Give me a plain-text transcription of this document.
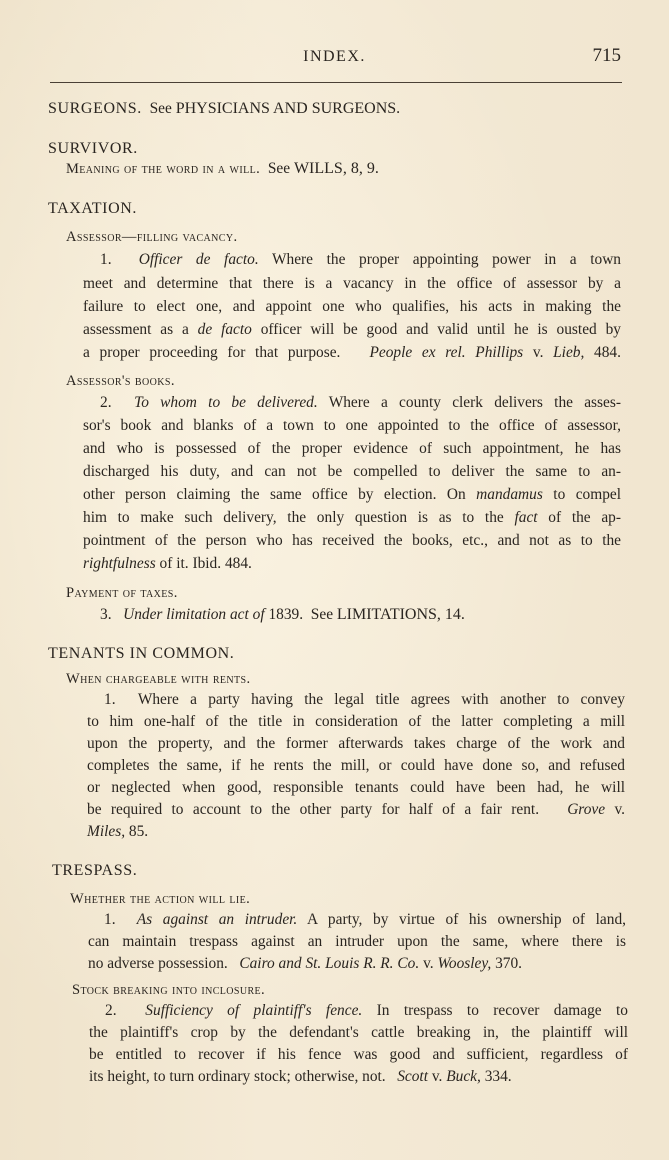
INDEX.	715
SURGEONS. See PHYSICIANS AND SURGEONS.
SURVIVOR.
Meaning of the word in a will. See WILLS, 8, 9.
TAXATION.
Assessor—filling vacancy.
1. Officer de facto. Where the proper appointing power in a town
meet and determine that there is a vacancy in the office of assessor by a
failure to elect one, and appoint one who qualifies, his acts in making the
assessment as a de facto officer will be good and valid until he is ousted by
a proper proceeding for that purpose. People ex rel. Phillips v. Lieb, 484.
Assessor's books.
2. To whom to be delivered. Where a county clerk delivers the asses-
sor's book and blanks of a town to one appointed to the office of assessor,
and who is possessed of the proper evidence of such appointment, he has
discharged his duty, and can not be compelled to deliver the same to an-
other person claiming the same office by election. On mandamus to compel
him to make such delivery, the only question is as to the fact of the ap-
pointment of the person who has received the books, etc., and not as to the
rightfulness of it. Ibid. 484.
Payment of taxes.
3. Under limitation act of 1839. See LIMITATIONS, 14.
TENANTS IN COMMON.
When chargeable with rents.
1. Where a party having the legal title agrees with another to convey
to him one-half of the title in consideration of the latter completing a mill
upon the property, and the former afterwards takes charge of the work and
completes the same, if he rents the mill, or could have done so, and refused
or neglected when good, responsible tenants could have been had, he will
be required to account to the other party for half of a fair rent. Grove v.
Miles, 85.
TRESPASS.
Whether the action will lie.
1. As against an intruder. A party, by virtue of his ownership of land,
can maintain trespass against an intruder upon the same, where there is
no adverse possession. Cairo and St. Louis R. R. Co. v. Woosley, 370.
Stock breaking into inclosure.
2. Sufficiency of plaintiff's fence. In trespass to recover damage to
the plaintiff's crop by the defendant's cattle breaking in, the plaintiff will
be entitled to recover if his fence was good and sufficient, regardless of
its height, to turn ordinary stock; otherwise, not. Scott v. Buck, 334.
